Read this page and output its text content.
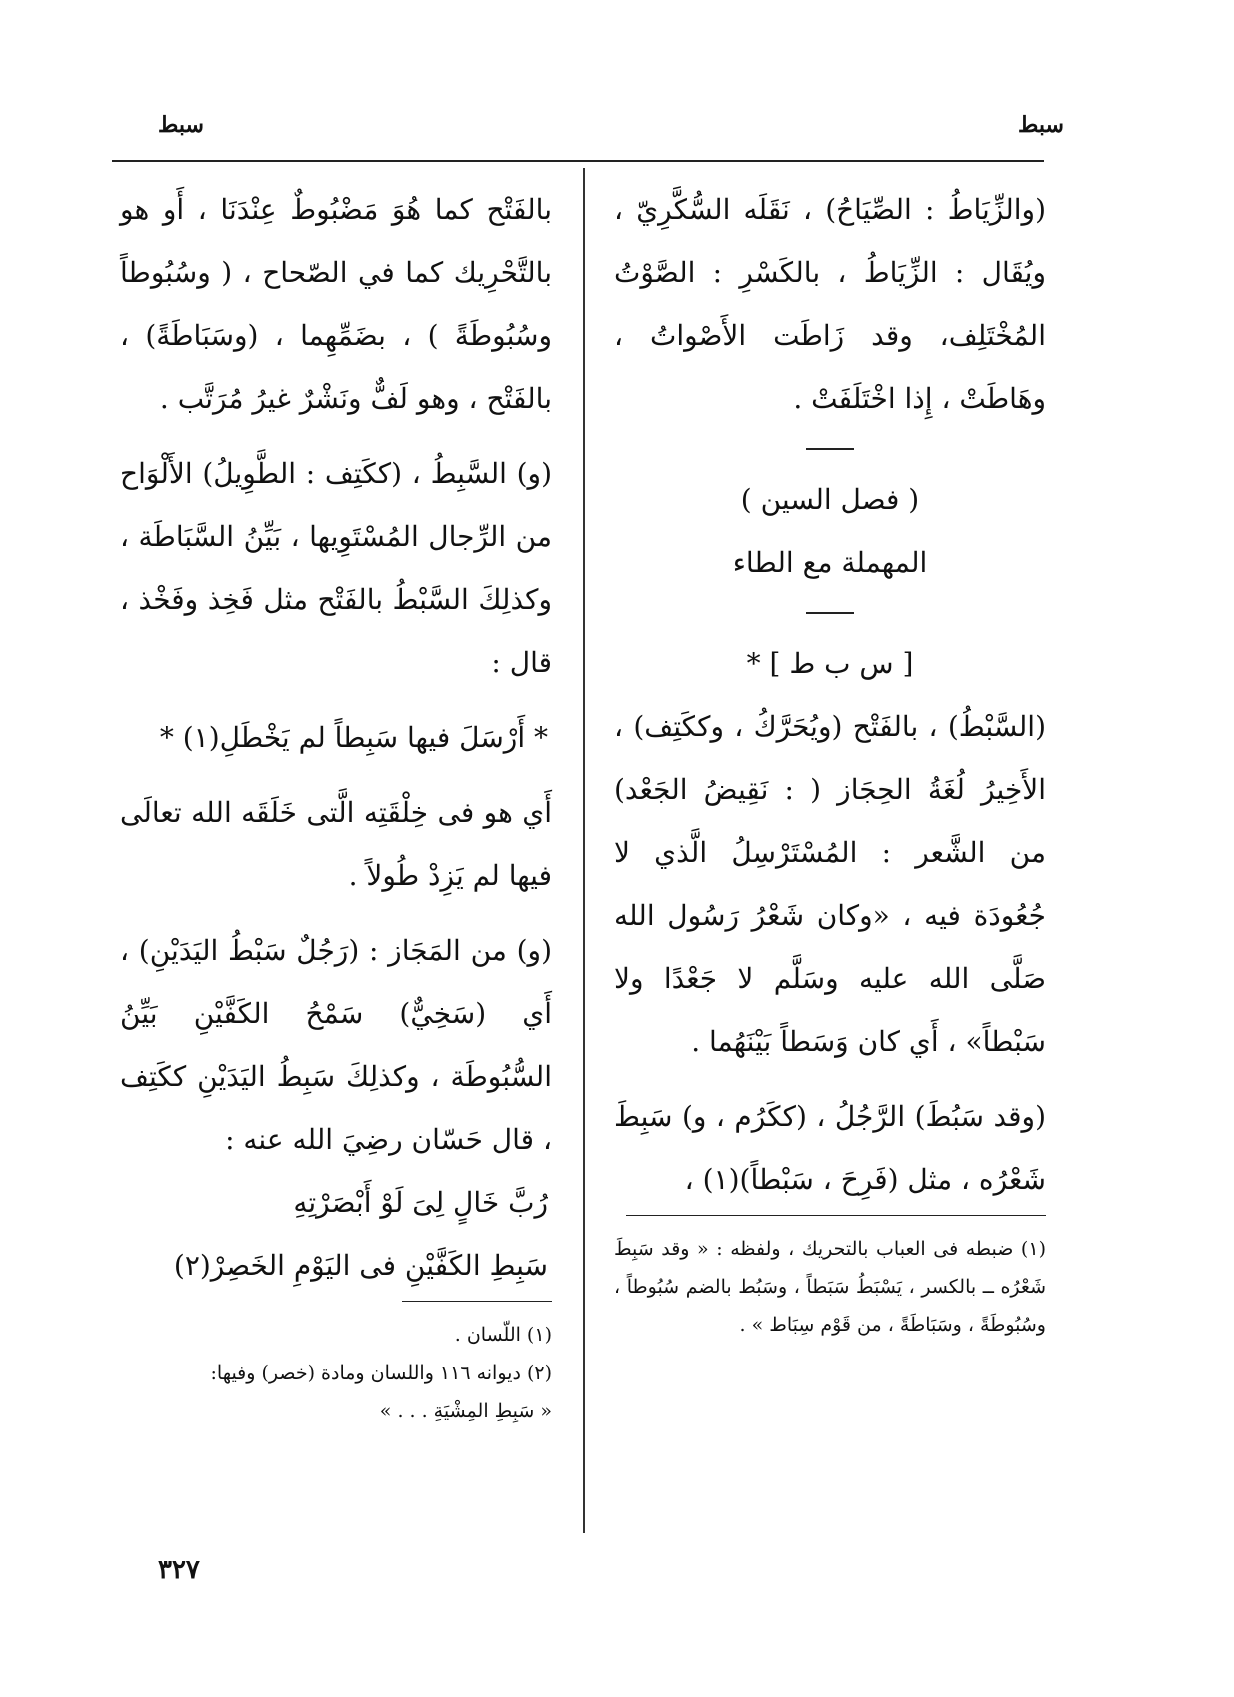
سبط
سبط

(والزِّيَاطُ : الصِّيَاحُ) ، نَقَلَه السُّكَّرِيّ ، ويُقَال : الزِّيَاطُ ، بالكَسْرِ : الصَّوْتُ المُخْتَلِف، وقد زَاطَت الأَصْواتُ ، وهَاطَتْ ، إِذا اخْتَلَفَتْ .

( فصل السين )

المهملة مع الطاء

[ س ب ط ] *

(السَّبْطُ) ، بالفَتْح (ويُحَرَّكُ ، وككَتِف) ، الأَخِيرُ لُغَةُ الحِجَاز ( : نَقِيضُ الجَعْد) من الشَّعر : المُسْتَرْسِلُ الَّذي لا جُعُودَة فيه ، «وكان شَعْرُ رَسُول الله صَلَّى الله عليه وسَلَّم لا جَعْدًا ولا سَبْطاً» ، أَي كان وَسَطاً بَيْنَهُما .

(وقد سَبُطَ) الرَّجُلُ ، (ككَرُم ، و) سَبِطَ شَعْرُه ، مثل (فَرِحَ ، سَبْطاً)(١) ،

(١) ضبطه فى العباب بالتحريك ، ولفظه : « وقد سَبِطَ شَعْرُه ــ بالكسر ، يَسْبَطُ سَبَطاً ، وسَبُط بالضم سُبُوطاً ، وسُبُوطَةً ، وسَبَاطَةً ، من قَوْم سِبَاط » .

بالفَتْح كما هُوَ مَضْبُوطٌ عِنْدَنَا ، أَو هو بالتَّحْرِيك كما في الصّحاح ، ( وسُبُوطاً وسُبُوطَةً ) ، بضَمِّهِما ، (وسَبَاطَةً) ، بالفَتْح ، وهو لَفٌّ ونَشْرٌ غيرُ مُرَتَّب .

(و) السَّبِطُ ، (ككَتِف : الطَّوِيلُ) الأَلْوَاح من الرِّجال المُسْتَوِيها ، بَيِّنُ السَّبَاطَة ، وكذلِكَ السَّبْطُ بالفَتْح مثل فَخِذ وفَخْذ ، قال :

* أَرْسَلَ فيها سَبِطاً لم يَخْطَلِ(١) *

أَي هو فى خِلْقَتِه الَّتى خَلَقَه الله تعالَى فيها لم يَزِدْ طُولاً .

(و) من المَجَاز : (رَجُلٌ سَبْطُ اليَدَيْنِ) ، أَي (سَخِيٌّ) سَمْحُ الكَفَّيْنِ بَيِّنُ السُّبُوطَة ، وكذلِكَ سَبِطُ اليَدَيْنِ ككَتِف ، قال حَسّان رضِيَ الله عنه :

رُبَّ خَالٍ لِىَ لَوْ أَبْصَرْتِهِ

سَبِطِ الكَفَّيْنِ فى اليَوْمِ الخَصِرْ(٢)

(١) اللّسان .

(٢) ديوانه ١١٦ واللسان ومادة (خصر) وفيها:

« سَبِطِ المِشْيَةِ . . . »

٣٢٧
